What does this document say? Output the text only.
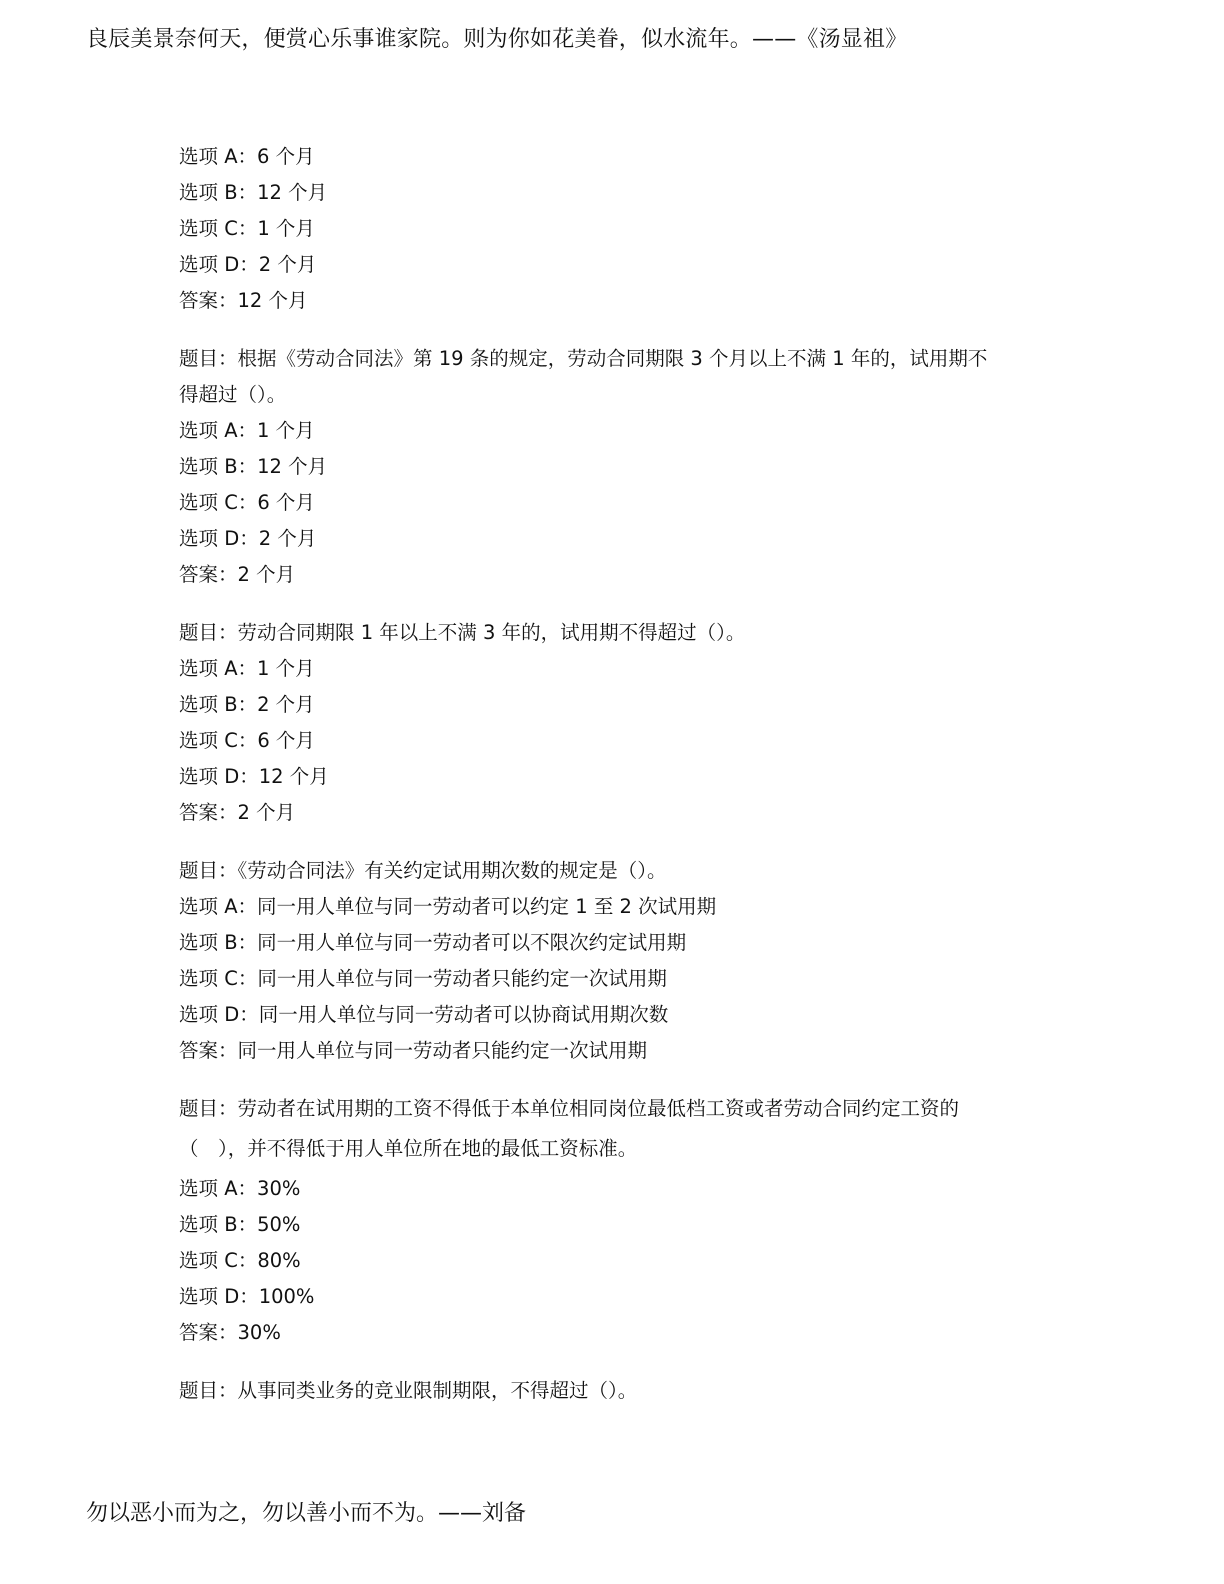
良辰美景奈何天，便赏心乐事谁家院。则为你如花美眷，似水流年。——《汤显祖》
选项 A：6 个月
选项 B：12 个月
选项 C：1 个月
选项 D：2 个月
答案：12 个月
题目：根据《劳动合同法》第 19 条的规定，劳动合同期限 3 个月以上不满 1 年的，试用期不
得超过（）。
选项 A：1 个月
选项 B：12 个月
选项 C：6 个月
选项 D：2 个月
答案：2 个月
题目：劳动合同期限 1 年以上不满 3 年的，试用期不得超过（）。
选项 A：1 个月
选项 B：2 个月
选项 C：6 个月
选项 D：12 个月
答案：2 个月
题目：《劳动合同法》有关约定试用期次数的规定是（）。
选项 A：同一用人单位与同一劳动者可以约定 1 至 2 次试用期
选项 B：同一用人单位与同一劳动者可以不限次约定试用期
选项 C：同一用人单位与同一劳动者只能约定一次试用期
选项 D：同一用人单位与同一劳动者可以协商试用期次数
答案：同一用人单位与同一劳动者只能约定一次试用期
题目：劳动者在试用期的工资不得低于本单位相同岗位最低档工资或者劳动合同约定工资的
（　），并不得低于用人单位所在地的最低工资标准。
选项 A：30%
选项 B：50%
选项 C：80%
选项 D：100%
答案：30%
题目：从事同类业务的竞业限制期限，不得超过（）。
勿以恶小而为之，勿以善小而不为。——刘备
